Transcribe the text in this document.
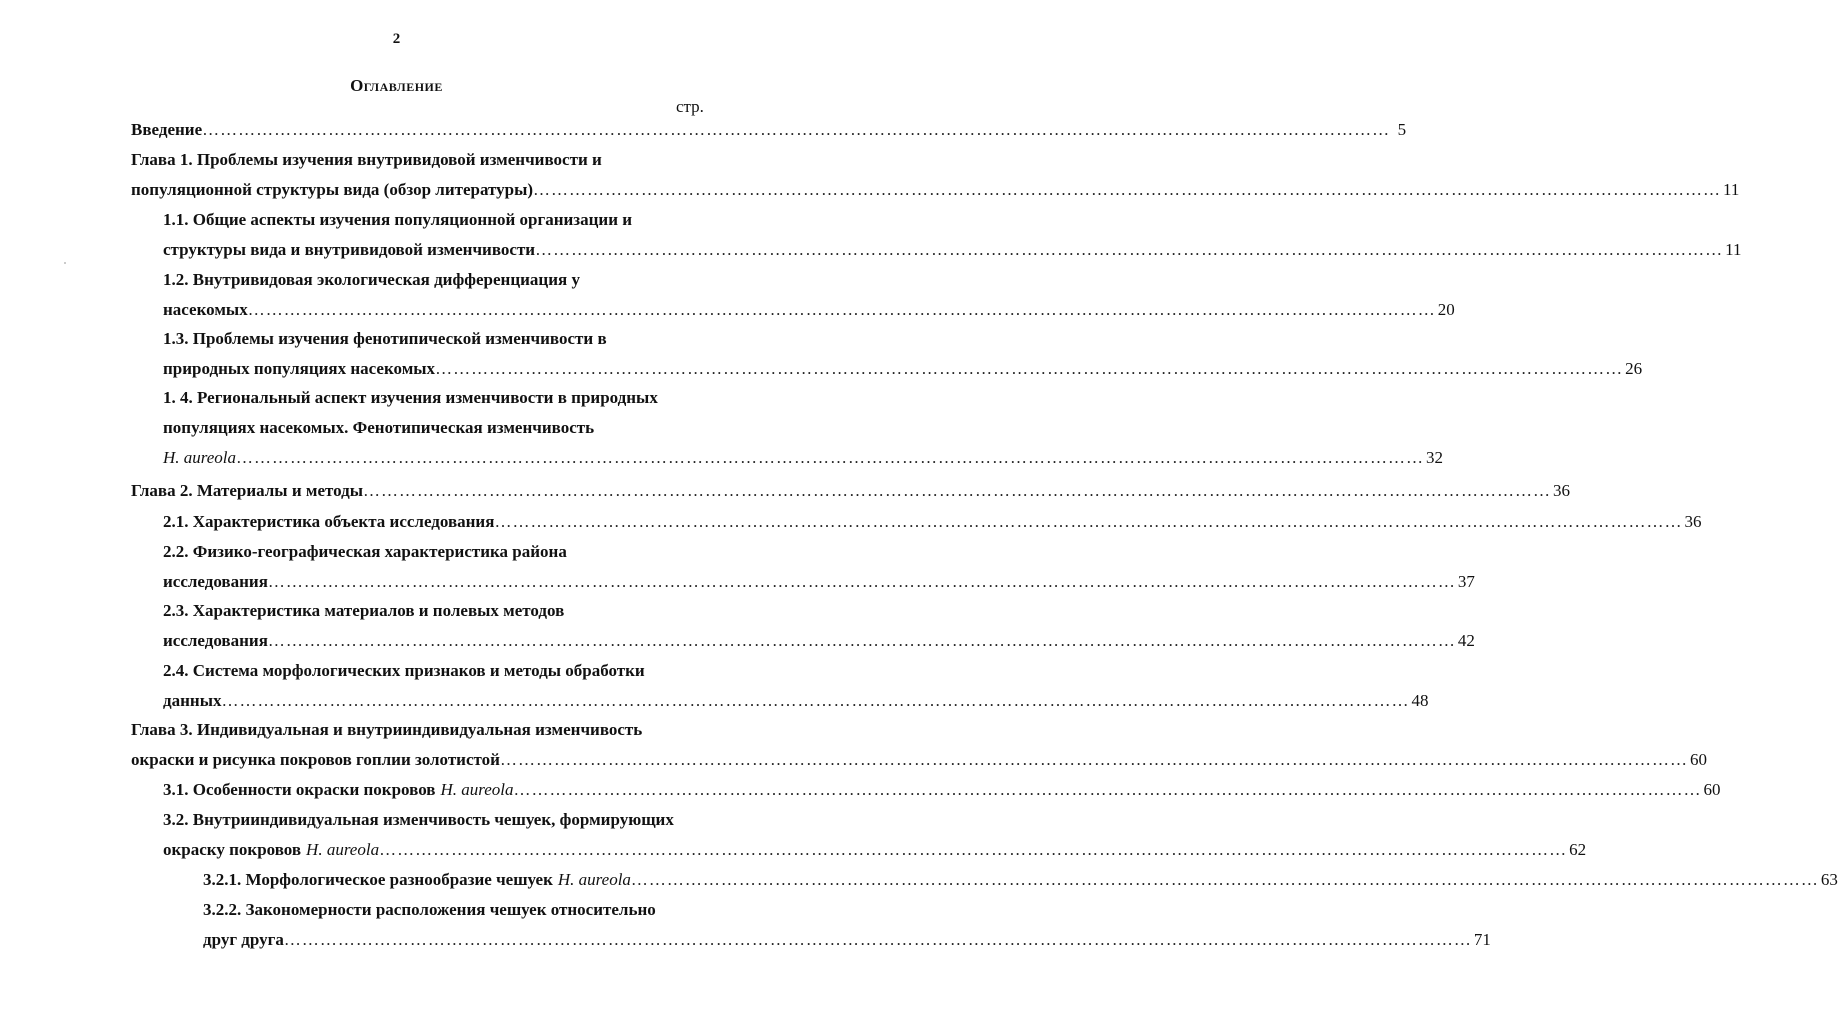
2
Оглавление
стр.
Введение ……………………………………………………………………………………………………………………………………………………………………………… 5
Глава 1. Проблемы изучения внутривидовой изменчивости и
популяционной структуры вида (обзор литературы) ……………………………………………………………………………………………………………………………………………………………………………… 11
1.1. Общие аспекты изучения популяционной организации и
структуры вида и внутривидовой изменчивости ……………………………………………………………………………………………………………………………………………………………………………… 11
1.2. Внутривидовая экологическая дифференциация у
насекомых ……………………………………………………………………………………………………………………………………………………………………………… 20
1.3. Проблемы изучения фенотипической изменчивости в
природных популяциях насекомых ……………………………………………………………………………………………………………………………………………………………………………… 26
1. 4. Региональный аспект изучения изменчивости в природных
популяциях насекомых. Фенотипическая изменчивость
H. aureola ……………………………………………………………………………………………………………………………………………………………………………… 32
Глава 2. Материалы и методы ……………………………………………………………………………………………………………………………………………………………………………… 36
2.1. Характеристика объекта исследования ……………………………………………………………………………………………………………………………………………………………………………… 36
2.2. Физико-географическая характеристика района
исследования ……………………………………………………………………………………………………………………………………………………………………………… 37
2.3. Характеристика материалов и полевых методов
исследования ……………………………………………………………………………………………………………………………………………………………………………… 42
2.4. Система морфологических признаков и методы обработки
данных ……………………………………………………………………………………………………………………………………………………………………………… 48
Глава 3. Индивидуальная и внутрииндивидуальная изменчивость
окраски и рисунка покровов гоплии золотистой ……………………………………………………………………………………………………………………………………………………………………………… 60
3.1. Особенности окраски покровов H. aureola ……………………………………………………………………………………………………………………………………………………………………………… 60
3.2. Внутрииндивидуальная изменчивость чешуек, формирующих
окраску покровов H. aureola ……………………………………………………………………………………………………………………………………………………………………………… 62
3.2.1. Морфологическое разнообразие чешуек H. aureola ……………………………………………………………………………………………………………………………………………………………………………… 63
3.2.2. Закономерности расположения чешуек относительно
друг друга ……………………………………………………………………………………………………………………………………………………………………………… 71
